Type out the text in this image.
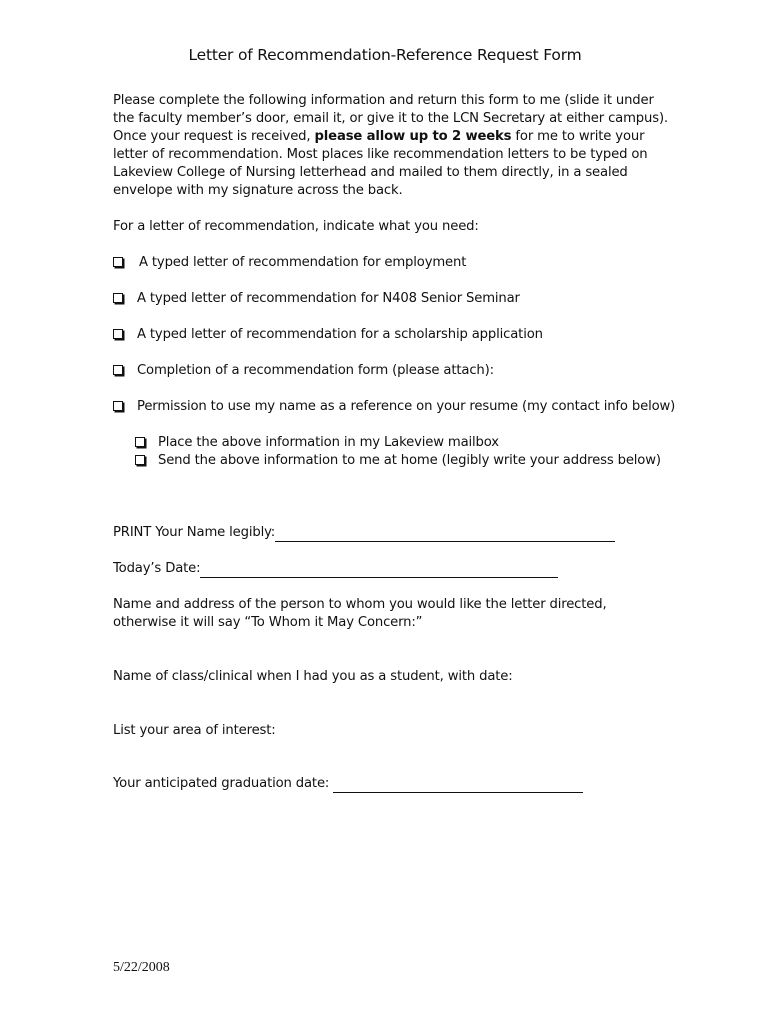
Letter of Recommendation-Reference Request Form
Please complete the following information and return this form to me (slide it under the faculty member’s door, email it, or give it to the LCN Secretary at either campus). Once your request is received, please allow up to 2 weeks for me to write your letter of recommendation. Most places like recommendation letters to be typed on Lakeview College of Nursing letterhead and mailed to them directly, in a sealed envelope with my signature across the back.
For a letter of recommendation, indicate what you need:
A typed letter of recommendation for employment
A typed letter of recommendation for N408 Senior Seminar
A typed letter of recommendation for a scholarship application
Completion of a recommendation form (please attach):
Permission to use my name as a reference on your resume (my contact info below)
Place the above information in my Lakeview mailbox
Send the above information to me at home (legibly write your address below)
PRINT Your Name legibly:
Today’s Date:
Name and address of the person to whom you would like the letter directed, otherwise it will say “To Whom it May Concern:”
Name of class/clinical when I had you as a student, with date:
List your area of interest:
Your anticipated graduation date:
5/22/2008
